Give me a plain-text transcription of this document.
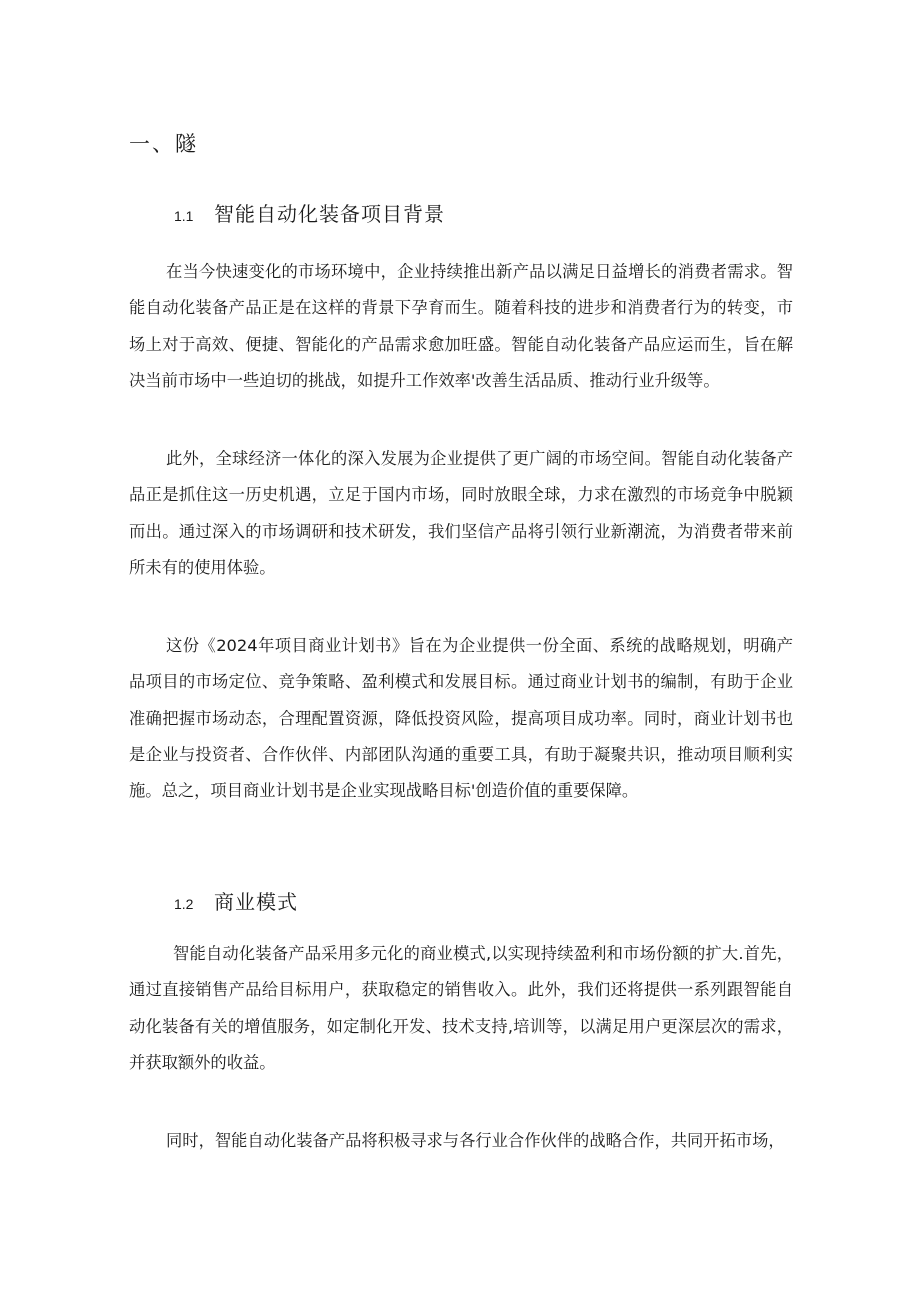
一、隧
1.1	智能自动化装备项目背景

在当今快速变化的市场环境中，企业持续推出新产品以满足日益增长的消费者需求。智能自动化装备产品正是在这样的背景下孕育而生。随着科技的进步和消费者行为的转变，市场上对于高效、便捷、智能化的产品需求愈加旺盛。智能自动化装备产品应运而生，旨在解决当前市场中一些迫切的挑战，如提升工作效率'改善生活品质、推动行业升级等。

此外，全球经济一体化的深入发展为企业提供了更广阔的市场空间。智能自动化装备产品正是抓住这一历史机遇，立足于国内市场，同时放眼全球，力求在激烈的市场竞争中脱颖而出。通过深入的市场调研和技术研发，我们坚信产品将引领行业新潮流，为消费者带来前所未有的使用体验。

这份《2024年项目商业计划书》旨在为企业提供一份全面、系统的战略规划，明确产品项目的市场定位、竞争策略、盈利模式和发展目标。通过商业计划书的编制，有助于企业准确把握市场动态，合理配置资源，降低投资风险，提高项目成功率。同时，商业计划书也是企业与投资者、合作伙伴、内部团队沟通的重要工具，有助于凝聚共识，推动项目顺利实施。总之，项目商业计划书是企业实现战略目标'创造价值的重要保障。

1.2	商业模式

智能自动化装备产品采用多元化的商业模式,以实现持续盈利和市场份额的扩大.首先，通过直接销售产品给目标用户，获取稳定的销售收入。此外，我们还将提供一系列跟智能自动化装备有关的增值服务，如定制化开发、技术支持,培训等，以满足用户更深层次的需求，并获取额外的收益。

同时，智能自动化装备产品将积极寻求与各行业合作伙伴的战略合作，共同开拓市场，
